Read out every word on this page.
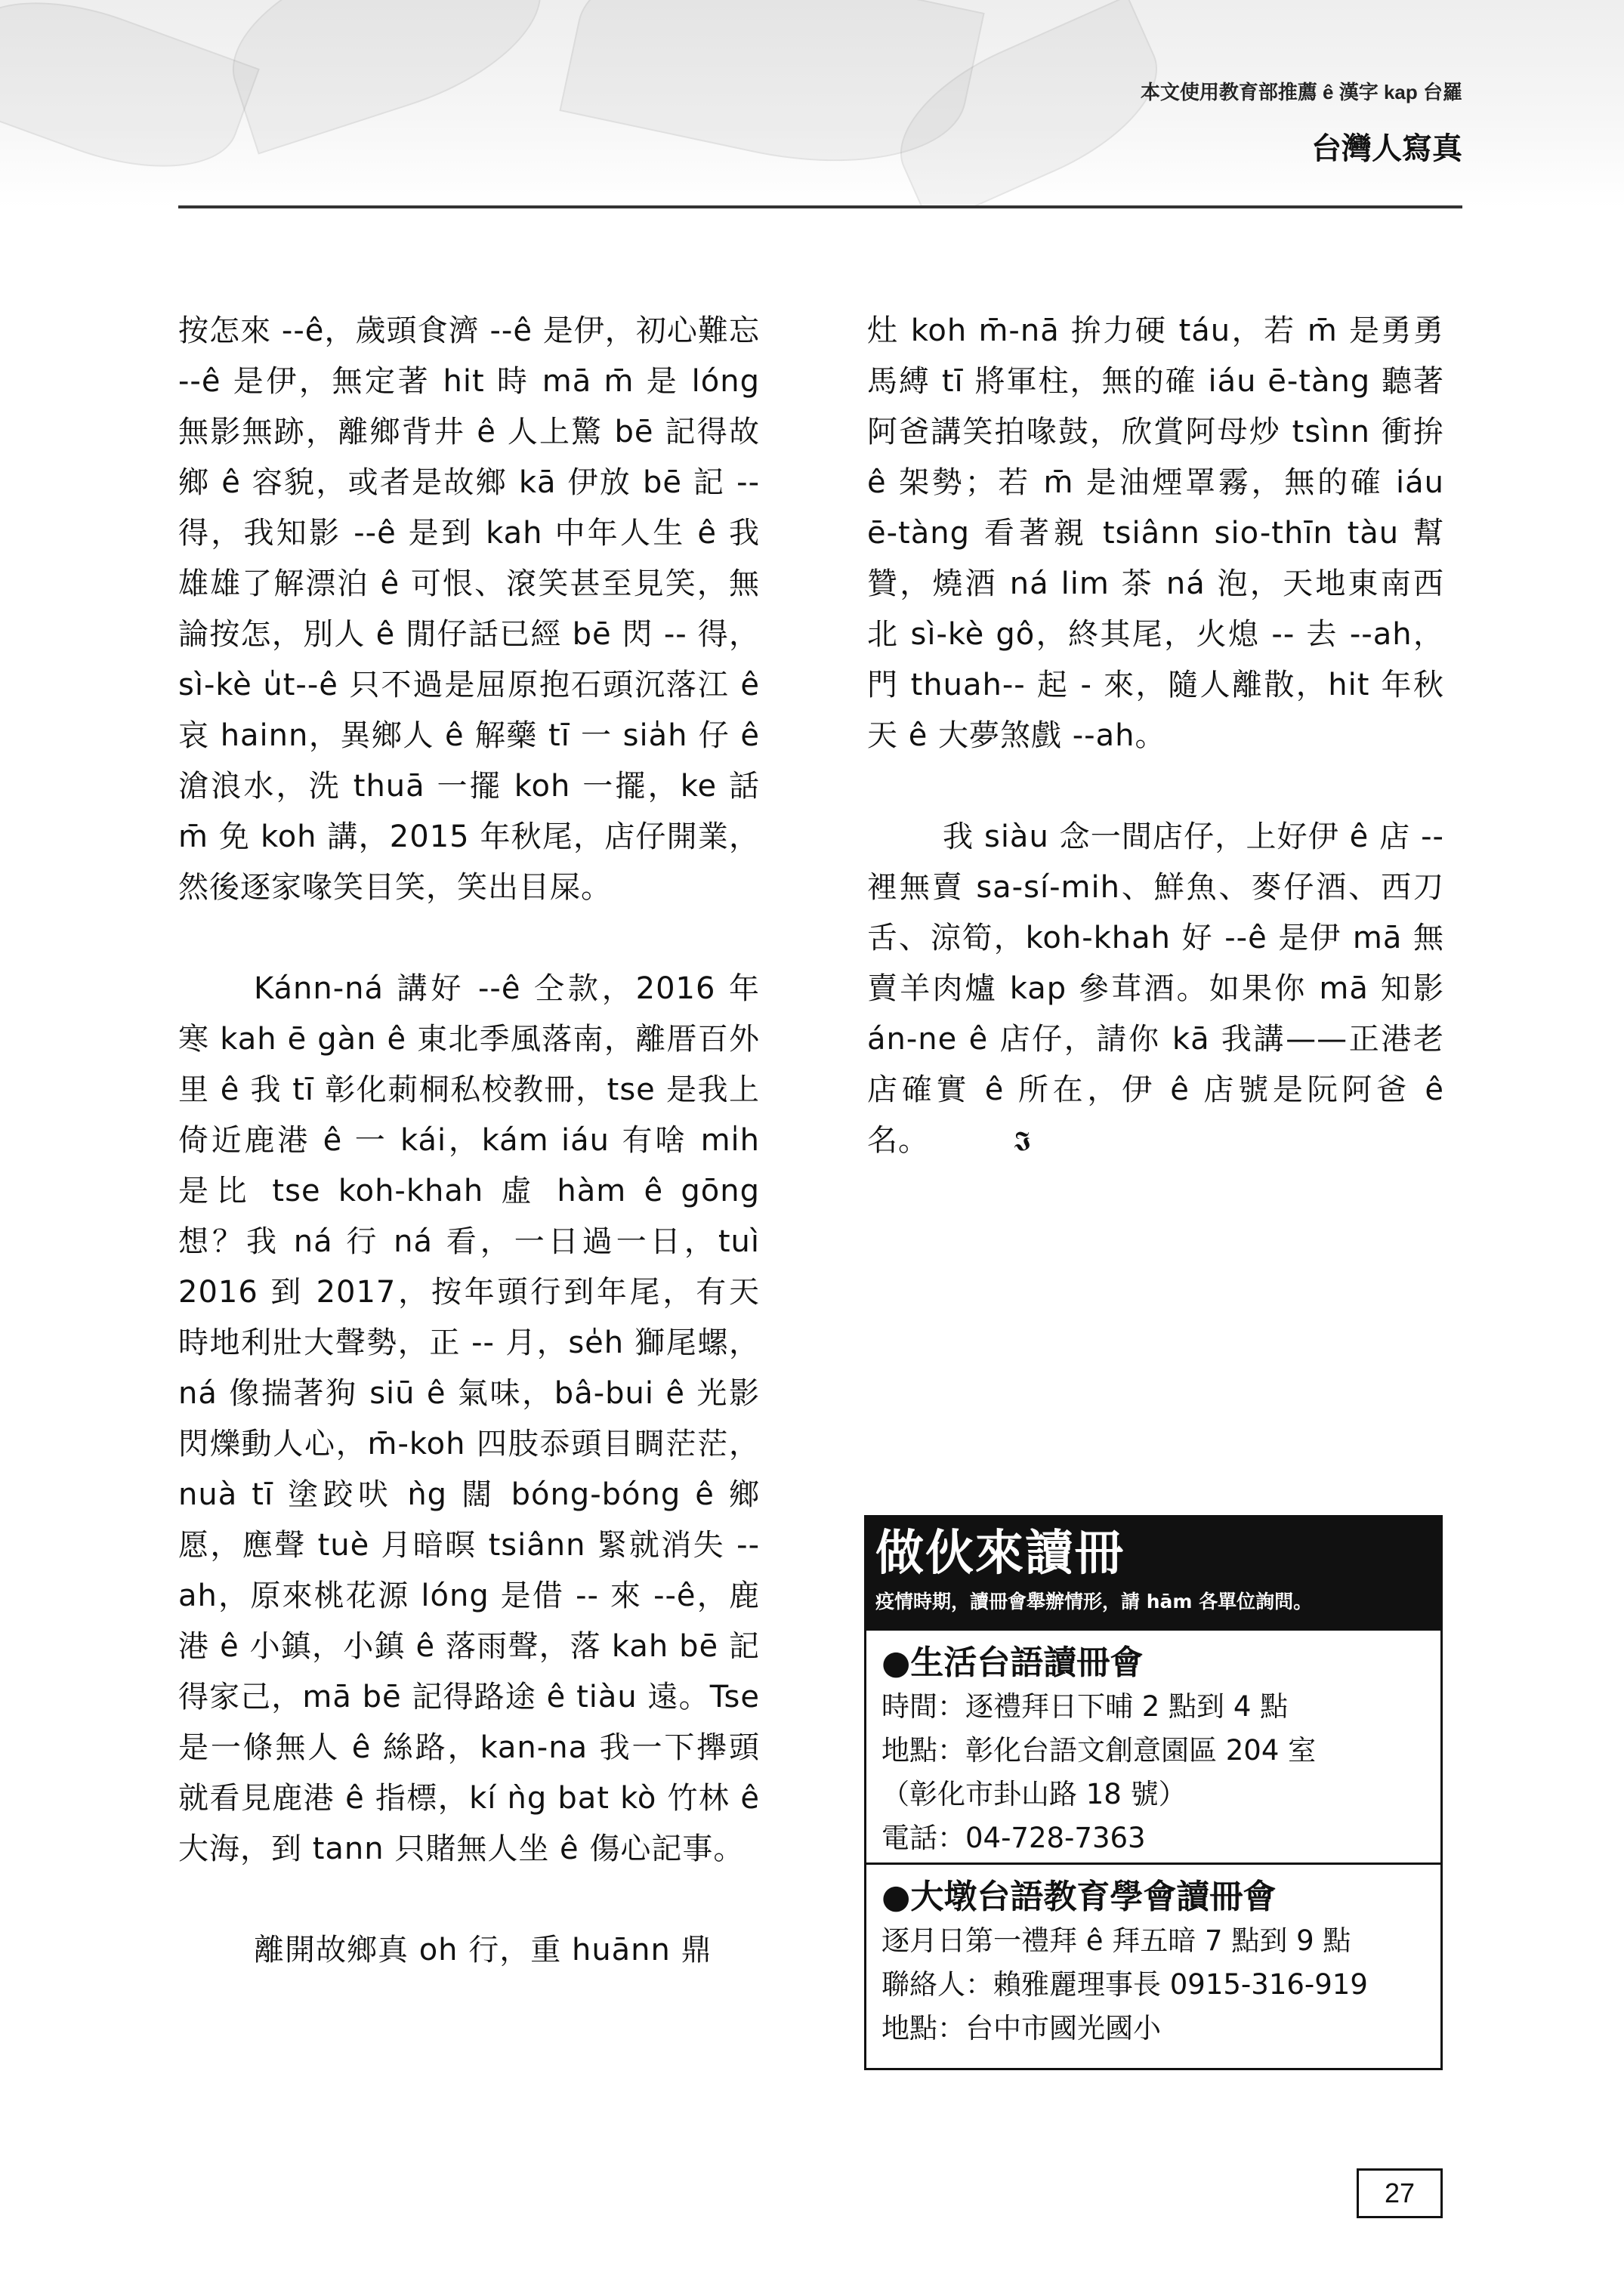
本文使用教育部推薦 ê 漢字 kap 台羅
台灣人寫真

按怎來 --ê，歲頭食濟 --ê 是伊，初心難忘 --ê 是伊，無定著 hit 時 mā m̄ 是 lóng 無影無跡，離鄉背井 ê 人上驚 bē 記得故鄉 ê 容貌，或者是故鄉 kā 伊放 bē 記 -- 得，我知影 --ê 是到 kah 中年人生 ê 我雄雄了解漂泊 ê 可恨、滾笑甚至見笑，無論按怎，別人 ê 閒仔話已經 bē 閃 -- 得，sì-kè u̍t--ê 只不過是屈原抱石頭沉落江 ê 哀 hainn，異鄉人 ê 解藥 tī 一 sia̍h 仔 ê 滄浪水，洗 thuā 一擺 koh 一擺，ke 話 m̄ 免 koh 講，2015 年秋尾，店仔開業，然後逐家喙笑目笑，笑出目屎。

Kánn-ná 講好 --ê 仝款，2016 年寒 kah ē gàn ê 東北季風落南，離厝百外里 ê 我 tī 彰化莿桐私校教冊，tse 是我上倚近鹿港 ê 一 kái，kám iáu 有啥 mi̍h 是比 tse koh-khah 虛 hàm ê gōng 想？我 ná 行 ná 看，一日過一日，tuì 2016 到 2017，按年頭行到年尾，有天時地利壯大聲勢，正 -- 月，se̍h 獅尾螺，ná 像揣著狗 siū ê 氣味，bâ-bui ê 光影閃爍動人心，m̄-koh 四肢忝頭目睭茫茫，nuà tī 塗跤吠 ǹg 闊 bóng-bóng ê 鄉愿，應聲 tuè 月暗暝 tsiânn 緊就消失 --ah，原來桃花源 lóng 是借 -- 來 --ê，鹿港 ê 小鎮，小鎮 ê 落雨聲，落 kah bē 記得家己，mā bē 記得路途 ê tiàu 遠。Tse 是一條無人 ê 絲路，kan-na 我一下攑頭就看見鹿港 ê 指標，kí ǹg bat kò 竹林 ê 大海，到 tann 只賭無人坐 ê 傷心記事。

離開故鄉真 oh 行，重 huānn 鼎

灶 koh m̄-nā 拚力硬 táu，若 m̄ 是勇勇馬縛 tī 將軍柱，無的確 iáu ē-tàng 聽著阿爸講笑拍喙鼓，欣賞阿母炒 tsìnn 衝拚 ê 架勢；若 m̄ 是油煙罩霧，無的確 iáu ē-tàng 看著親 tsiânn sio-thīn tàu 幫贊，燒酒 ná lim 茶 ná 泡，天地東南西北 sì-kè gô，終其尾，火熄 -- 去 --ah，門 thuah-- 起 - 來，隨人離散，hit 年秋天 ê 大夢煞戲 --ah。

我 siàu 念一間店仔，上好伊 ê 店 -- 裡無賣 sa-sí-mih、鮮魚、麥仔酒、西刀舌、涼筍，koh-khah 好 --ê 是伊 mā 無賣羊肉爐 kap 參茸酒。如果你 mā 知影 án-ne ê 店仔，請你 kā 我講——正港老店確實 ê 所在，伊 ê 店號是阮阿爸 ê 名。	𝕴

做伙來讀冊
疫情時期，讀冊會舉辦情形，請 hām 各單位詢問。
●生活台語讀冊會
時間：逐禮拜日下晡 2 點到 4 點
地點：彰化台語文創意園區 204 室
（彰化市卦山路 18 號）
電話：04-728-7363
●大墩台語教育學會讀冊會
逐月日第一禮拜 ê 拜五暗 7 點到 9 點
聯絡人：賴雅麗理事長 0915-316-919
地點：台中市國光國小
27
